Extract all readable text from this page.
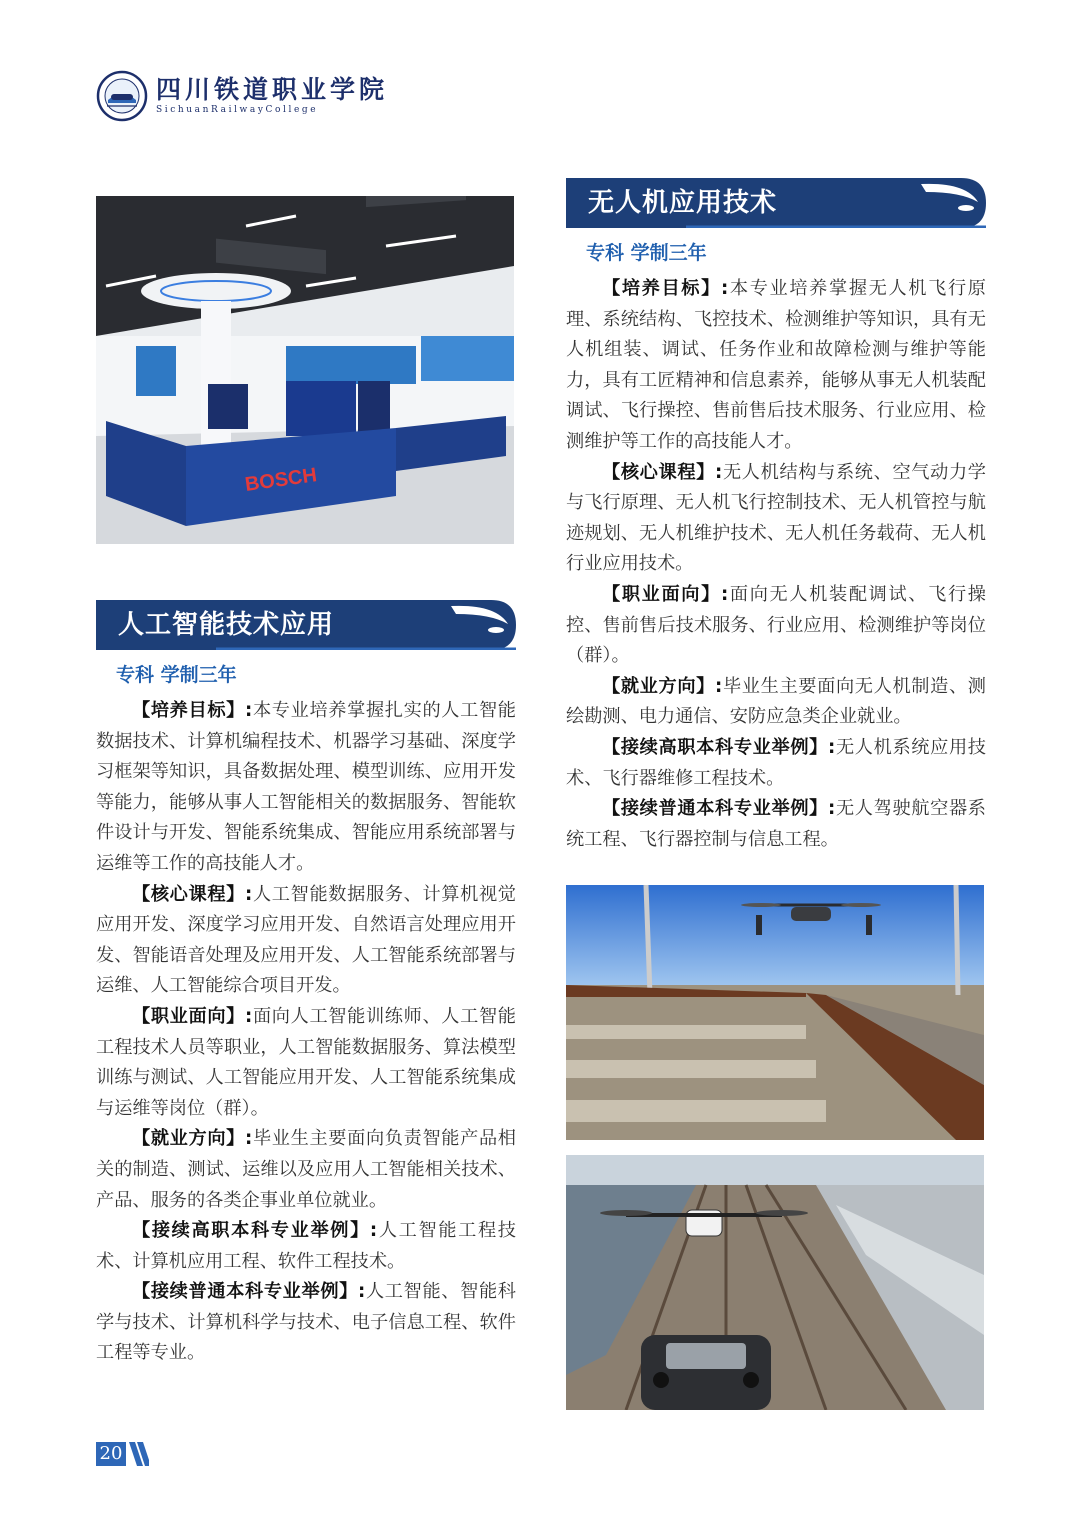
四川铁道职业学院
SichuanRailwayCollege
BOSCH
人工智能技术应用
专科 学制三年

【培养目标】:本专业培养掌握扎实的人工智能数据技术、计算机编程技术、机器学习基础、深度学习框架等知识，具备数据处理、模型训练、应用开发等能力，能够从事人工智能相关的数据服务、智能软件设计与开发、智能系统集成、智能应用系统部署与运维等工作的高技能人才。

【核心课程】:人工智能数据服务、计算机视觉应用开发、深度学习应用开发、自然语言处理应用开发、智能语音处理及应用开发、人工智能系统部署与运维、人工智能综合项目开发。

【职业面向】:面向人工智能训练师、人工智能工程技术人员等职业，人工智能数据服务、算法模型训练与测试、人工智能应用开发、人工智能系统集成与运维等岗位（群）。

【就业方向】:毕业生主要面向负责智能产品相关的制造、测试、运维以及应用人工智能相关技术、产品、服务的各类企事业单位就业。

【接续高职本科专业举例】:人工智能工程技术、计算机应用工程、软件工程技术。

【接续普通本科专业举例】:人工智能、智能科学与技术、计算机科学与技术、电子信息工程、软件工程等专业。

无人机应用技术
专科 学制三年

【培养目标】:本专业培养掌握无人机飞行原理、系统结构、飞控技术、检测维护等知识，具有无人机组装、调试、任务作业和故障检测与维护等能力，具有工匠精神和信息素养，能够从事无人机装配调试、飞行操控、售前售后技术服务、行业应用、检测维护等工作的高技能人才。

【核心课程】:无人机结构与系统、空气动力学与飞行原理、无人机飞行控制技术、无人机管控与航迹规划、无人机维护技术、无人机任务载荷、无人机行业应用技术。

【职业面向】:面向无人机装配调试、飞行操控、售前售后技术服务、行业应用、检测维护等岗位（群）。

【就业方向】:毕业生主要面向无人机制造、测绘勘测、电力通信、安防应急类企业就业。

【接续高职本科专业举例】:无人机系统应用技术、飞行器维修工程技术。

【接续普通本科专业举例】:无人驾驶航空器系统工程、飞行器控制与信息工程。

20
